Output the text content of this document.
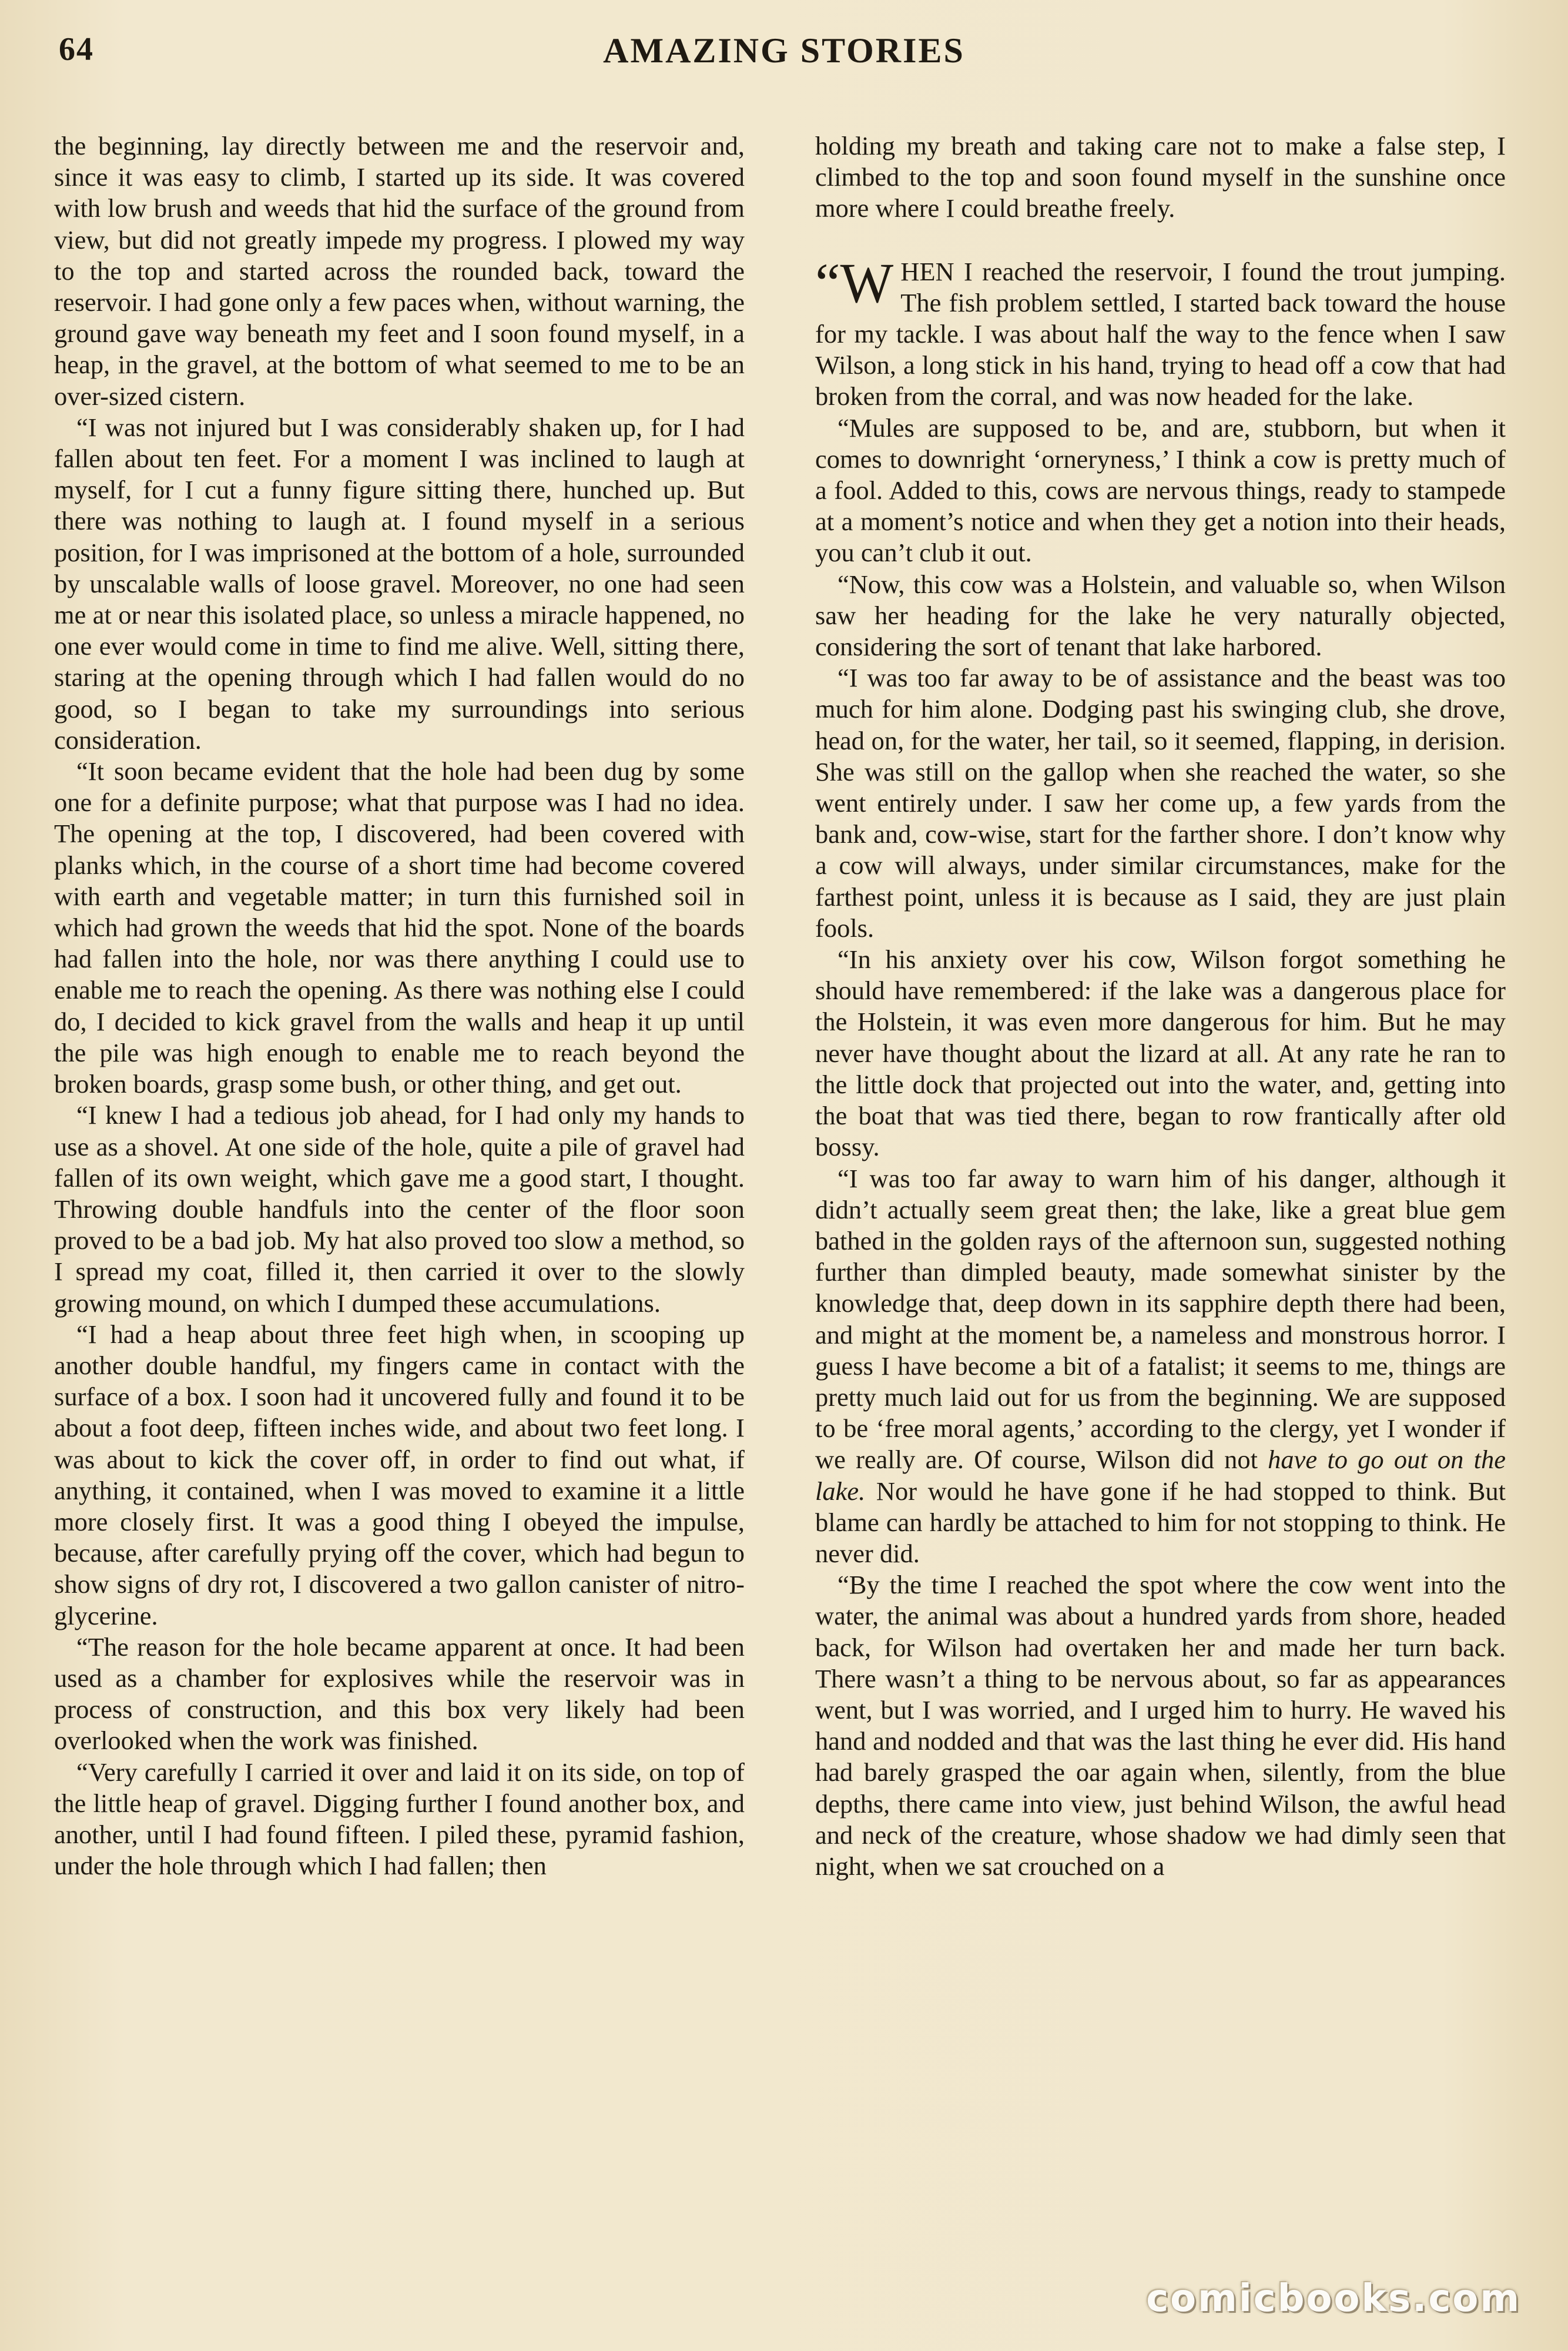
64	AMAZING STORIES

the beginning, lay directly between me and the reservoir and, since it was easy to climb, I started up its side. It was covered with low brush and weeds that hid the surface of the ground from view, but did not greatly impede my progress. I plowed my way to the top and started across the rounded back, toward the reservoir. I had gone only a few paces when, without warning, the ground gave way beneath my feet and I soon found myself, in a heap, in the gravel, at the bottom of what seemed to me to be an over-sized cistern.

“I was not injured but I was considerably shaken up, for I had fallen about ten feet. For a moment I was inclined to laugh at myself, for I cut a funny figure sitting there, hunched up. But there was nothing to laugh at. I found myself in a serious position, for I was imprisoned at the bottom of a hole, surrounded by unscalable walls of loose gravel. Moreover, no one had seen me at or near this isolated place, so unless a miracle happened, no one ever would come in time to find me alive. Well, sitting there, staring at the opening through which I had fallen would do no good, so I began to take my surroundings into serious consideration.

“It soon became evident that the hole had been dug by some one for a definite purpose; what that purpose was I had no idea. The opening at the top, I discovered, had been covered with planks which, in the course of a short time had become covered with earth and vegetable matter; in turn this furnished soil in which had grown the weeds that hid the spot. None of the boards had fallen into the hole, nor was there anything I could use to enable me to reach the opening. As there was nothing else I could do, I decided to kick gravel from the walls and heap it up until the pile was high enough to enable me to reach beyond the broken boards, grasp some bush, or other thing, and get out.

“I knew I had a tedious job ahead, for I had only my hands to use as a shovel. At one side of the hole, quite a pile of gravel had fallen of its own weight, which gave me a good start, I thought. Throwing double handfuls into the center of the floor soon proved to be a bad job. My hat also proved too slow a method, so I spread my coat, filled it, then carried it over to the slowly growing mound, on which I dumped these accumulations.

“I had a heap about three feet high when, in scooping up another double handful, my fingers came in contact with the surface of a box. I soon had it uncovered fully and found it to be about a foot deep, fifteen inches wide, and about two feet long. I was about to kick the cover off, in order to find out what, if anything, it contained, when I was moved to examine it a little more closely first. It was a good thing I obeyed the impulse, because, after carefully prying off the cover, which had begun to show signs of dry rot, I discovered a two gallon canister of nitro-glycerine.

“The reason for the hole became apparent at once. It had been used as a chamber for explosives while the reservoir was in process of construction, and this box very likely had been overlooked when the work was finished.

“Very carefully I carried it over and laid it on its side, on top of the little heap of gravel. Digging further I found another box, and another, until I had found fifteen. I piled these, pyramid fashion, under the hole through which I had fallen; then

holding my breath and taking care not to make a false step, I climbed to the top and soon found myself in the sunshine once more where I could breathe freely.

“WHEN I reached the reservoir, I found the trout jumping. The fish problem settled, I started back toward the house for my tackle. I was about half the way to the fence when I saw Wilson, a long stick in his hand, trying to head off a cow that had broken from the corral, and was now headed for the lake.

“Mules are supposed to be, and are, stubborn, but when it comes to downright ‘orneryness,’ I think a cow is pretty much of a fool. Added to this, cows are nervous things, ready to stampede at a moment’s notice and when they get a notion into their heads, you can’t club it out.

“Now, this cow was a Holstein, and valuable so, when Wilson saw her heading for the lake he very naturally objected, considering the sort of tenant that lake harbored.

“I was too far away to be of assistance and the beast was too much for him alone. Dodging past his swinging club, she drove, head on, for the water, her tail, so it seemed, flapping, in derision. She was still on the gallop when she reached the water, so she went entirely under. I saw her come up, a few yards from the bank and, cow-wise, start for the farther shore. I don’t know why a cow will always, under similar circumstances, make for the farthest point, unless it is because as I said, they are just plain fools.

“In his anxiety over his cow, Wilson forgot something he should have remembered: if the lake was a dangerous place for the Holstein, it was even more dangerous for him. But he may never have thought about the lizard at all. At any rate he ran to the little dock that projected out into the water, and, getting into the boat that was tied there, began to row frantically after old bossy.

“I was too far away to warn him of his danger, although it didn’t actually seem great then; the lake, like a great blue gem bathed in the golden rays of the afternoon sun, suggested nothing further than dimpled beauty, made somewhat sinister by the knowledge that, deep down in its sapphire depth there had been, and might at the moment be, a nameless and monstrous horror. I guess I have become a bit of a fatalist; it seems to me, things are pretty much laid out for us from the beginning. We are supposed to be ‘free moral agents,’ according to the clergy, yet I wonder if we really are. Of course, Wilson did not have to go out on the lake. Nor would he have gone if he had stopped to think. But blame can hardly be attached to him for not stopping to think. He never did.

“By the time I reached the spot where the cow went into the water, the animal was about a hundred yards from shore, headed back, for Wilson had overtaken her and made her turn back. There wasn’t a thing to be nervous about, so far as appearances went, but I was worried, and I urged him to hurry. He waved his hand and nodded and that was the last thing he ever did. His hand had barely grasped the oar again when, silently, from the blue depths, there came into view, just behind Wilson, the awful head and neck of the creature, whose shadow we had dimly seen that night, when we sat crouched on a

comicbooks.com
